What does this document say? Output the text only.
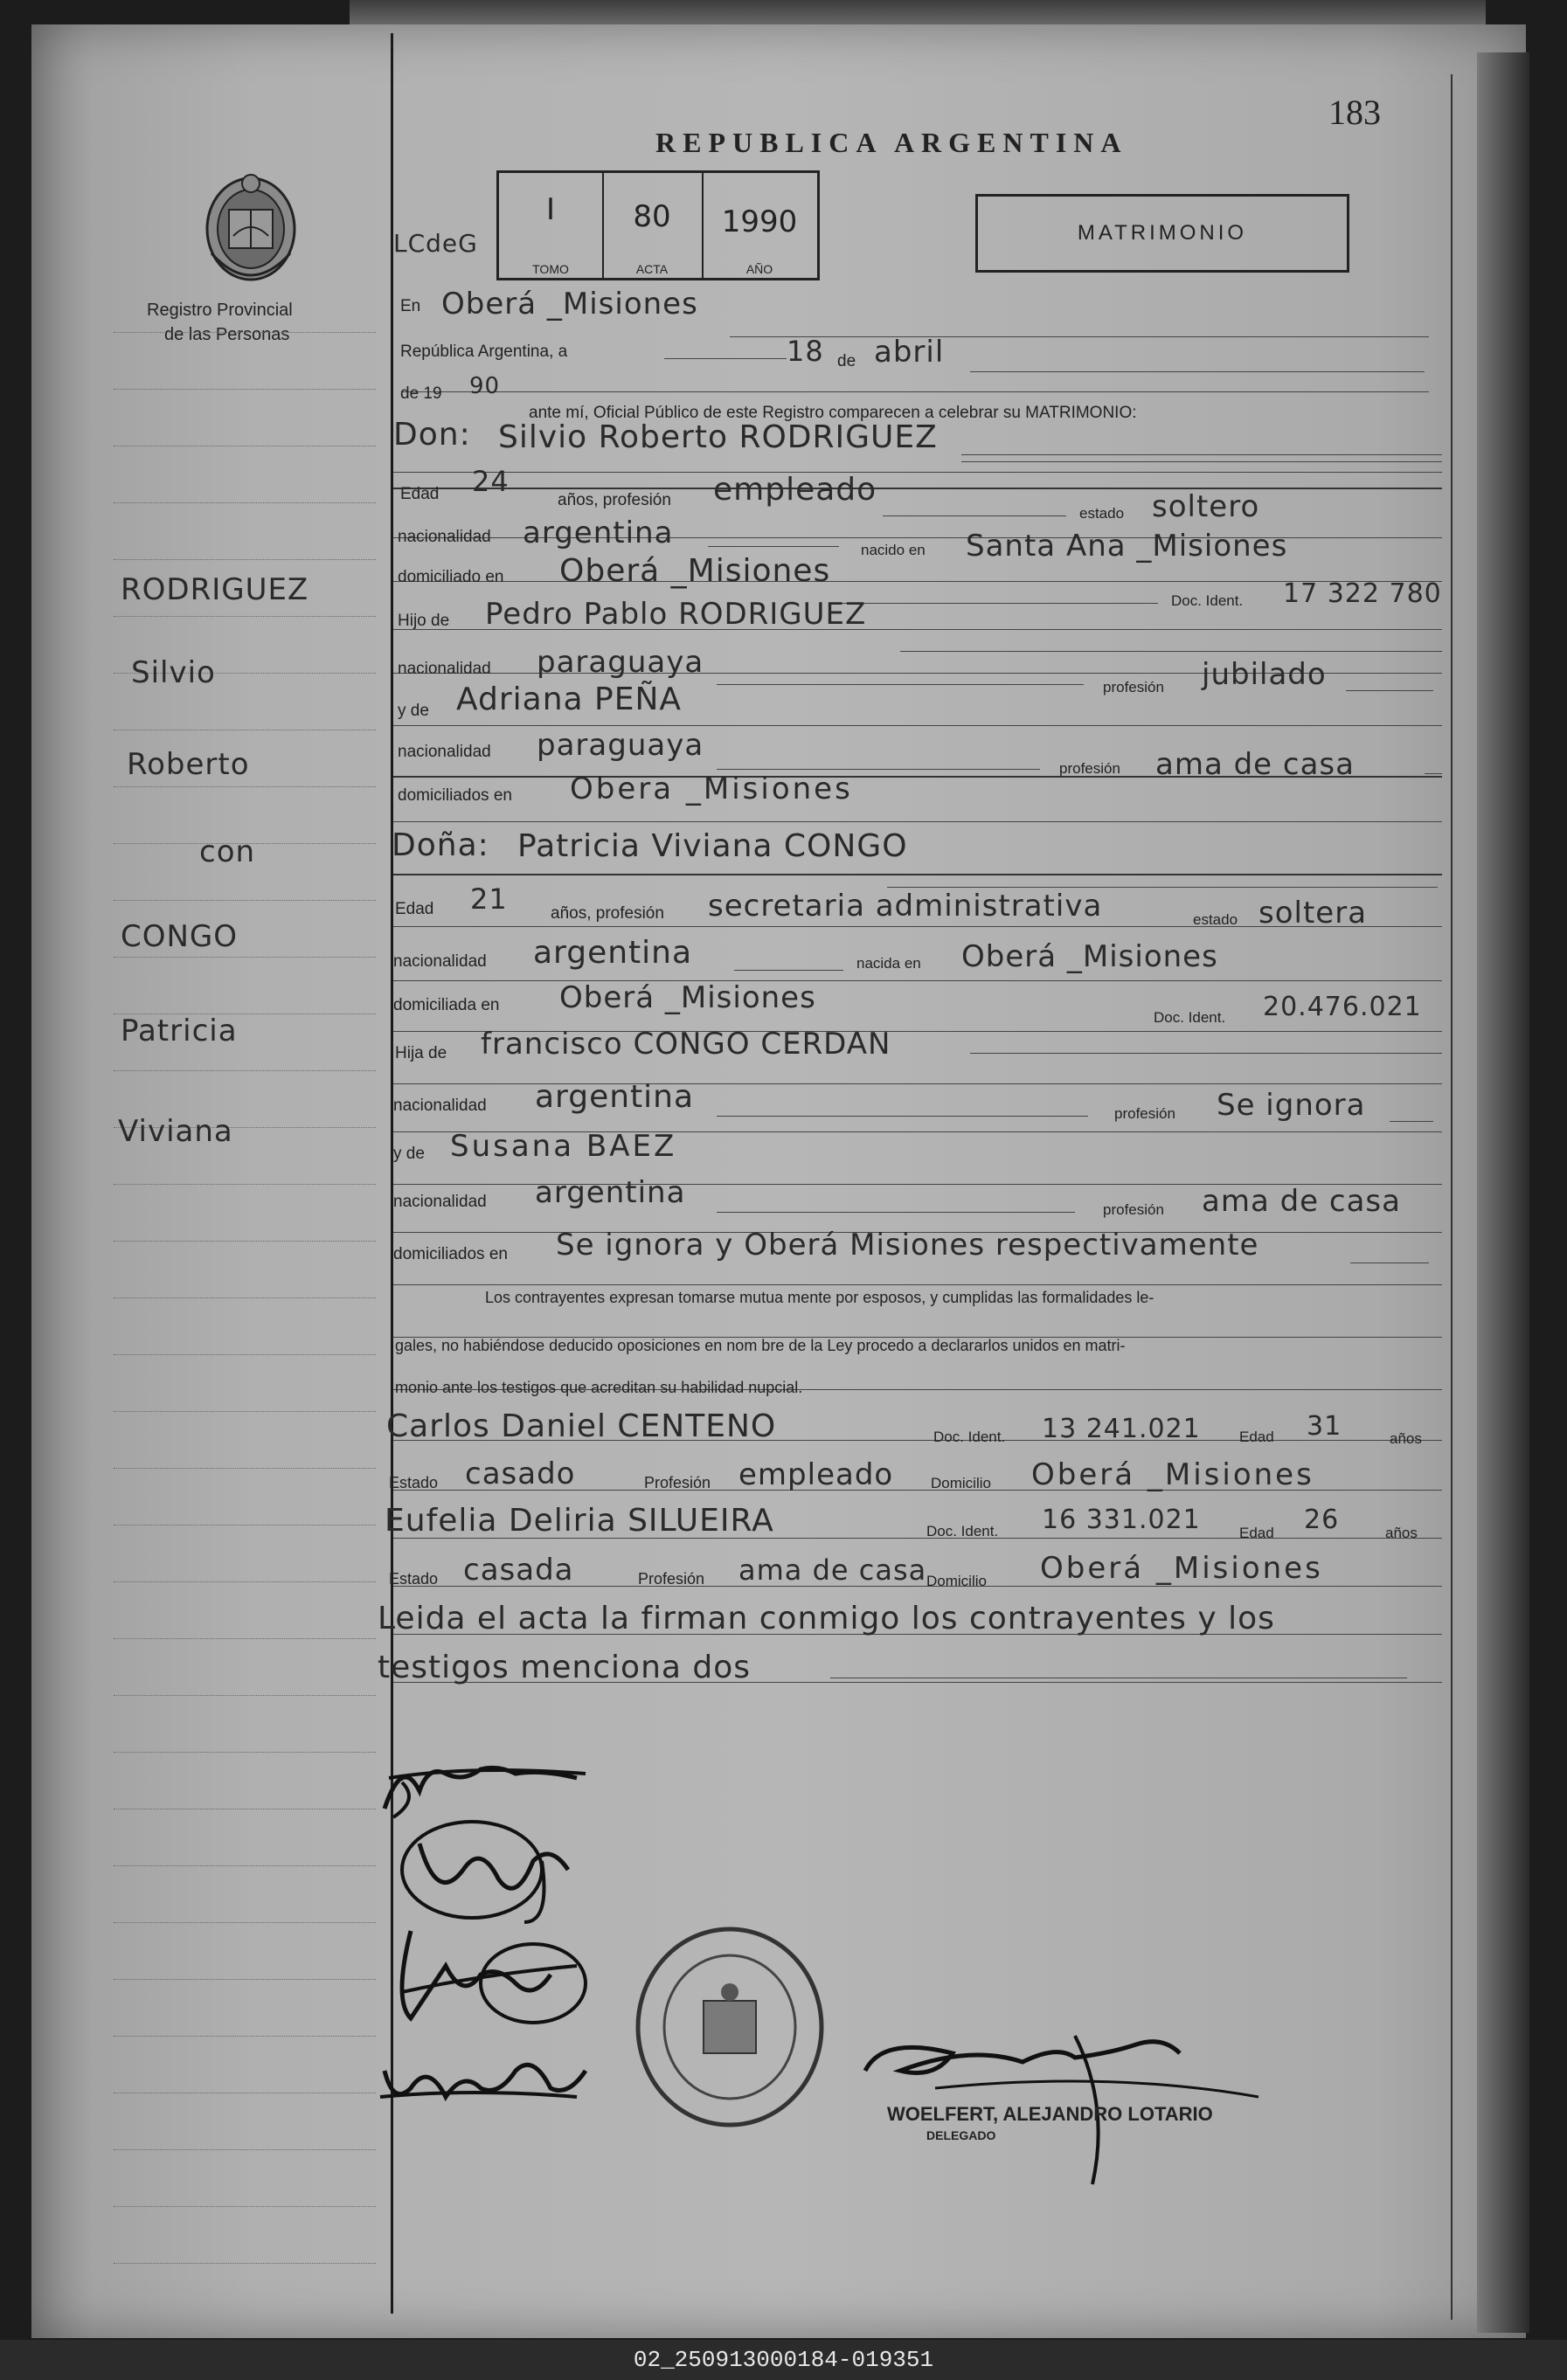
183
Registro Provincial
de las Personas
REPUBLICA ARGENTINA
LCdeG
I
TOMO
80
ACTA
1990
AÑO
MATRIMONIO
RODRIGUEZ
Silvio
Roberto
con
CONGO
Patricia
Viviana
En Oberá _Misiones
República Argentina, a	18 de abril
de 19 90
ante mí, Oficial Público de este Registro comparecen a celebrar su MATRIMONIO:
Don: Silvio Roberto RODRIGUEZ
Edad 24
años, profesión empleado
estado soltero
nacionalidad argentina	nacido en Santa Ana _Misiones
domiciliado en Oberá _Misiones
Doc. Ident. 17 322 780
Hijo de Pedro Pablo RODRIGUEZ
nacionalidad paraguaya
profesión jubilado
y de Adriana PEÑA
nacionalidad paraguaya
profesión ama de casa
domiciliados en Obera _Misiones
Doña: Patricia Viviana CONGO
Edad 21	años, profesión secretaria administrativa	estado soltera
nacionalidad argentina	nacida en Oberá _Misiones
domiciliada en Oberá _Misiones
Doc. Ident. 20.476.021
Hija de francisco CONGO CERDAN
nacionalidad argentina	profesión Se ignora
y de Susana BAEZ
nacionalidad argentina	profesión ama de casa
domiciliados en Se ignora y Oberá Misiones respectivamente
Los contrayentes expresan tomarse mutua mente por esposos, y cumplidas las formalidades le-
gales, no habiéndose deducido oposiciones en nom bre de la Ley procedo a declararlos unidos en matri-
monio ante los testigos que acreditan su habilidad nupcial.
Carlos Daniel CENTENO	Doc. Ident. 13 241.021	Edad 31	años
Estado casado	Profesión empleado	Domicilio Oberá _Misiones
Eufelia Deliria SILUEIRA	Doc. Ident. 16 331.021	Edad 26	años
Estado casada	Profesión ama de casa Domicilio Oberá _Misiones
Leida el acta la firman conmigo los contrayentes y los
testigos menciona dos
WOELFERT, ALEJANDRO LOTARIO
DELEGADO
02_250913000184-019351
